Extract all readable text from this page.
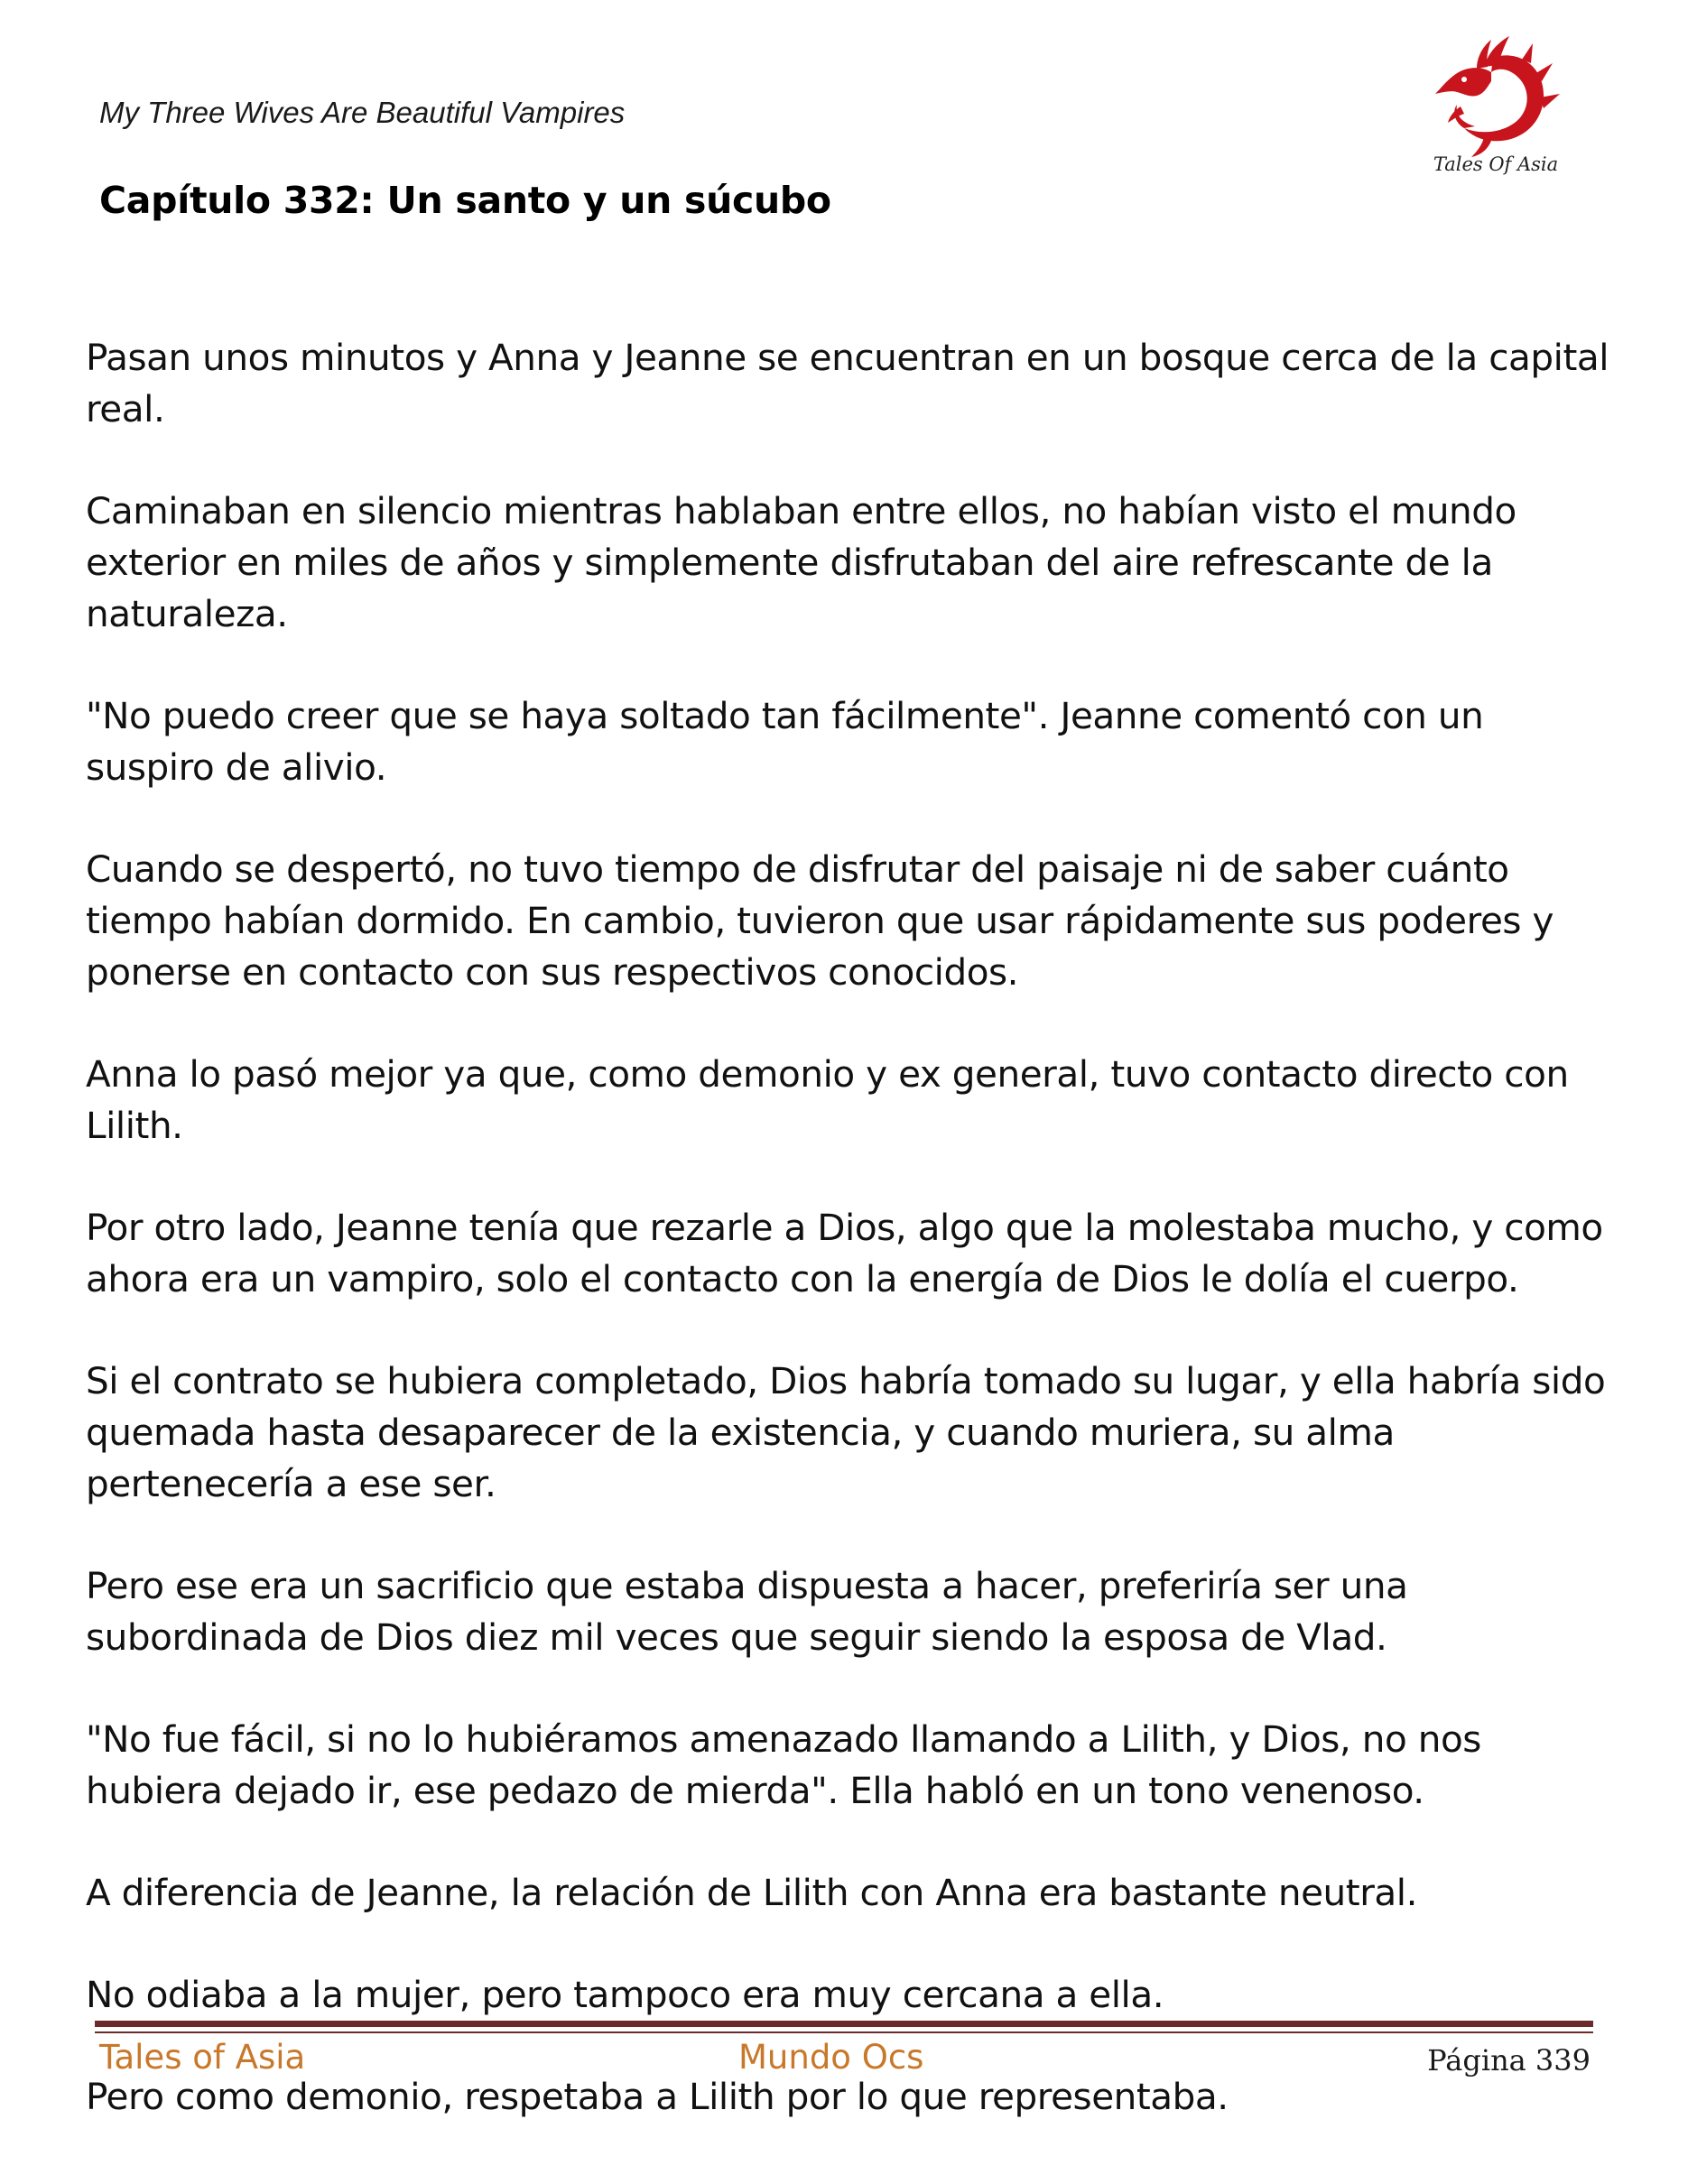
My Three Wives Are Beautiful Vampires

Tales Of Asia
Capítulo 332: Un santo y un súcubo

Pasan unos minutos y Anna y Jeanne se encuentran en un bosque cerca de la capital real.

Caminaban en silencio mientras hablaban entre ellos, no habían visto el mundo exterior en miles de años y simplemente disfrutaban del aire refrescante de la naturaleza.

"No puedo creer que se haya soltado tan fácilmente". Jeanne comentó con un suspiro de alivio.

Cuando se despertó, no tuvo tiempo de disfrutar del paisaje ni de saber cuánto tiempo habían dormido. En cambio, tuvieron que usar rápidamente sus poderes y ponerse en contacto con sus respectivos conocidos.

Anna lo pasó mejor ya que, como demonio y ex general, tuvo contacto directo con Lilith.

Por otro lado, Jeanne tenía que rezarle a Dios, algo que la molestaba mucho, y como ahora era un vampiro, solo el contacto con la energía de Dios le dolía el cuerpo.

Si el contrato se hubiera completado, Dios habría tomado su lugar, y ella habría sido quemada hasta desaparecer de la existencia, y cuando muriera, su alma pertenecería a ese ser.

Pero ese era un sacrificio que estaba dispuesta a hacer, preferiría ser una subordinada de Dios diez mil veces que seguir siendo la esposa de Vlad.

"No fue fácil, si no lo hubiéramos amenazado llamando a Lilith, y Dios, no nos hubiera dejado ir, ese pedazo de mierda". Ella habló en un tono venenoso.

A diferencia de Jeanne, la relación de Lilith con Anna era bastante neutral.

No odiaba a la mujer, pero tampoco era muy cercana a ella.

Pero como demonio, respetaba a Lilith por lo que representaba.

Tales of Asia	Mundo Ocs	Página 339
